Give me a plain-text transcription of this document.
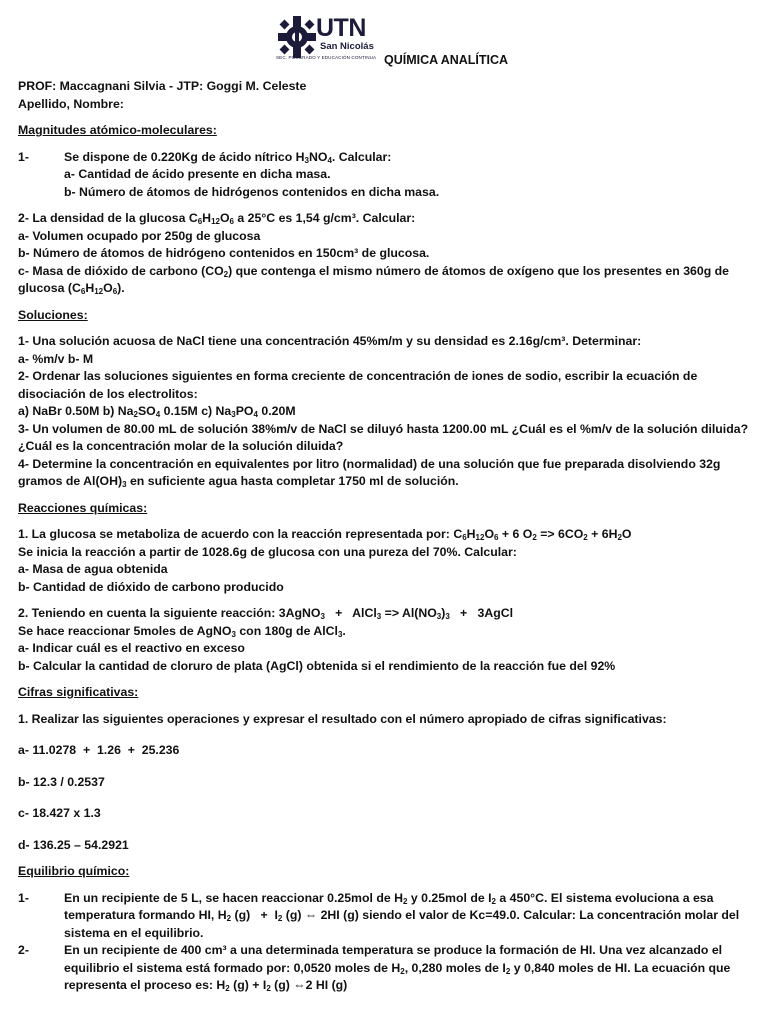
UTN
San Nicolás
SEC. POSGRADO Y EDUCACIÓN CONTINUA QUÍMICA ANALÍTICA
PROF: Maccagnani Silvia - JTP: Goggi M. Celeste
Apellido, Nombre:
Magnitudes atómico-moleculares:
1-	Se dispone de 0.220Kg de ácido nítrico $H_3NO_4$. Calcular:
a- Cantidad de ácido presente en dicha masa.
b- Número de átomos de hidrógenos contenidos en dicha masa.
2- La densidad de la glucosa $C_6H_{12}O_6$ a 25°C es 1,54 g/cm³. Calcular:
a- Volumen ocupado por 250g de glucosa
b- Número de átomos de hidrógeno contenidos en 150cm³ de glucosa.
c- Masa de dióxido de carbono $(CO_2)$ que contenga el mismo número de átomos de oxígeno que los presentes en 360g de glucosa $(C_6H_{12}O_6)$.
Soluciones:
1- Una solución acuosa de NaCl tiene una concentración 45%m/m y su densidad es 2.16g/cm³. Determinar:
a- %m/v b- M
2- Ordenar las soluciones siguientes en forma creciente de concentración de iones de sodio, escribir la ecuación de disociación de los electrolitos:
a) NaBr 0.50M b) $Na_2SO_4$ 0.15M c) $Na_3PO_4$ 0.20M
3- Un volumen de 80.00 mL de solución 38%m/v de NaCl se diluyó hasta 1200.00 mL ¿Cuál es el %m/v de la solución diluida? ¿Cuál es la concentración molar de la solución diluida?
4- Determine la concentración en equivalentes por litro (normalidad) de una solución que fue preparada disolviendo 32g gramos de $Al(OH)_3$ en suficiente agua hasta completar 1750 ml de solución.
Reacciones químicas:
1. La glucosa se metaboliza de acuerdo con la reacción representada por: $C_6H_{12}O_6 + 6$ $O_2 => 6CO_2 + 6H_2O$
Se inicia la reacción a partir de 1028.6g de glucosa con una pureza del 70%. Calcular:
a- Masa de agua obtenida
b- Cantidad de dióxido de carbono producido
2. Teniendo en cuenta la siguiente reacción: 3AgNO$_3$   +   AlCl$_3$ => $Al(NO_3)_3$   +   3AgCl
Se hace reaccionar 5moles de AgNO$_3$ con 180g de AlCl$_3$.
a- Indicar cuál es el reactivo en exceso
b- Calcular la cantidad de cloruro de plata (AgCl) obtenida si el rendimiento de la reacción fue del 92%
Cifras significativas:
1. Realizar las siguientes operaciones y expresar el resultado con el número apropiado de cifras significativas:
a- 11.0278  +  1.26  +  25.236
b- 12.3 / 0.2537
c- 18.427 x 1.3
d- 136.25 – 54.2921
Equilibrio químico:
1-	En un recipiente de 5 L, se hacen reaccionar 0.25mol de $H_2$ y 0.25mol de $I_2$ a 450°C. El sistema evoluciona a esa temperatura formando HI, $H_2$ $(g) + I_2$ (g) ⇔ 2HI (g) siendo el valor de Kc=49.0. Calcular: La concentración molar del sistema en el equilibrio.
2-	En un recipiente de 400 cm³ a una determinada temperatura se produce la formación de HI. Una vez alcanzado el equilibrio el sistema está formado por: 0,0520 moles de $H_2$, 0,280 moles de $I_2$ y 0,840 moles de HI. La ecuación que representa el proceso es: $H_2$ $(g) + I_2$ (g) ⇔2 HI (g)
